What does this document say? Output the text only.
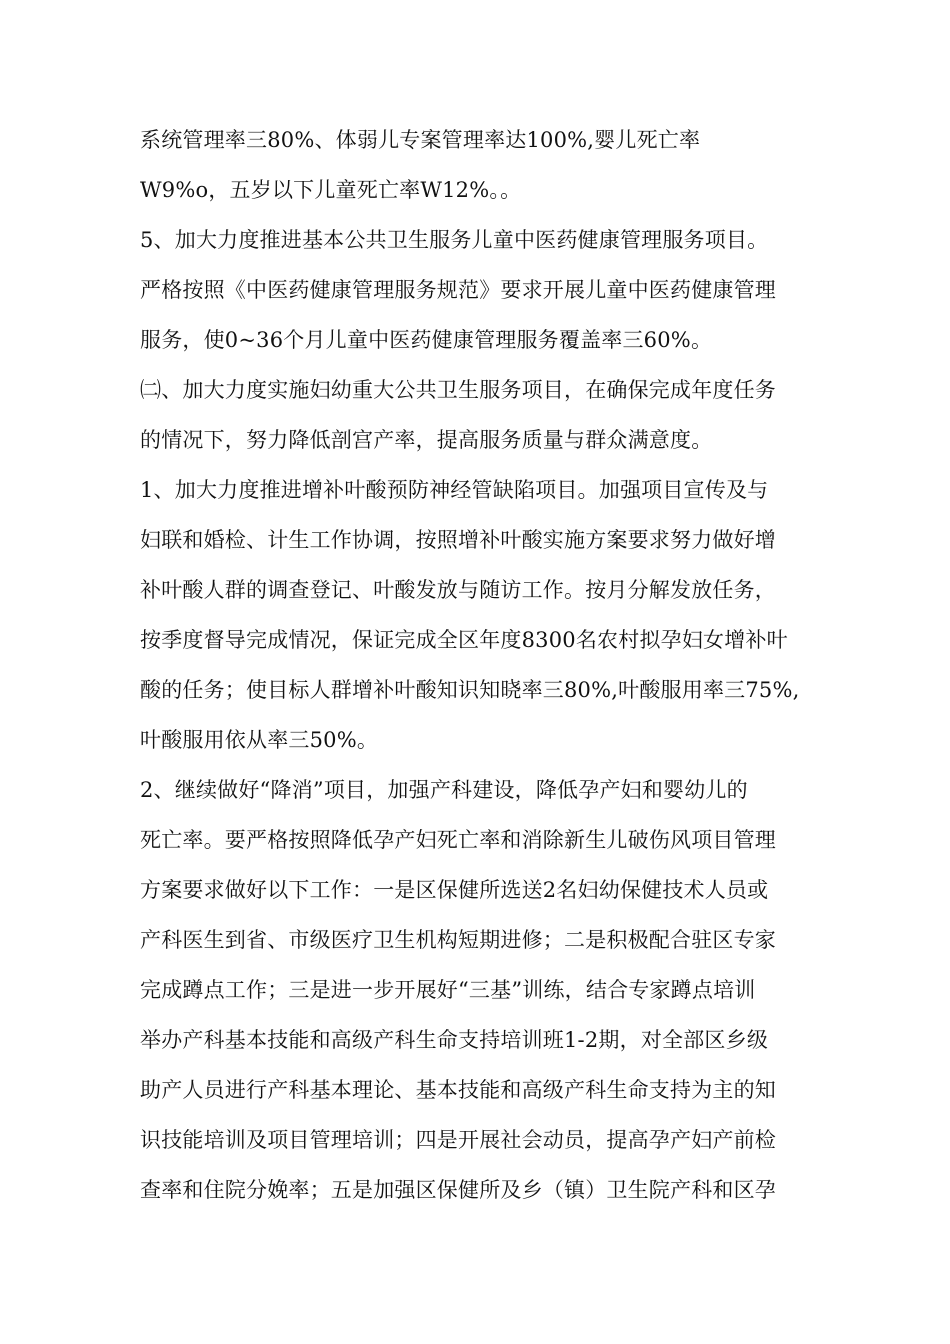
系统管理率三80%、体弱儿专案管理率达100%,婴儿死亡率
W9%o，五岁以下儿童死亡率W12%。。
5、加大力度推进基本公共卫生服务儿童中医药健康管理服务项目。
严格按照《中医药健康管理服务规范》要求开展儿童中医药健康管理
服务，使0~36个月儿童中医药健康管理服务覆盖率三60%。
㈡、加大力度实施妇幼重大公共卫生服务项目，在确保完成年度任务
的情况下，努力降低剖宫产率，提高服务质量与群众满意度。
1、加大力度推进增补叶酸预防神经管缺陷项目。加强项目宣传及与
妇联和婚检、计生工作协调，按照增补叶酸实施方案要求努力做好增
补叶酸人群的调查登记、叶酸发放与随访工作。按月分解发放任务，
按季度督导完成情况，保证完成全区年度8300名农村拟孕妇女增补叶
酸的任务；使目标人群增补叶酸知识知晓率三80%,叶酸服用率三75%,
叶酸服用依从率三50%。
2、继续做好“降消”项目，加强产科建设，降低孕产妇和婴幼儿的
死亡率。要严格按照降低孕产妇死亡率和消除新生儿破伤风项目管理
方案要求做好以下工作：一是区保健所选送2名妇幼保健技术人员或
产科医生到省、市级医疗卫生机构短期进修；二是积极配合驻区专家
完成蹲点工作；三是进一步开展好“三基”训练，结合专家蹲点培训
举办产科基本技能和高级产科生命支持培训班1-2期，对全部区乡级
助产人员进行产科基本理论、基本技能和高级产科生命支持为主的知
识技能培训及项目管理培训；四是开展社会动员，提高孕产妇产前检
查率和住院分娩率；五是加强区保健所及乡（镇）卫生院产科和区孕
